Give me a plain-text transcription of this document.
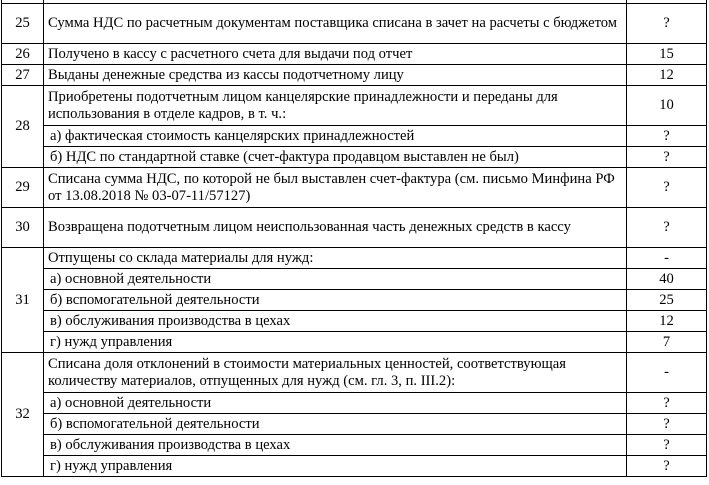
25	Сумма НДС по расчетным документам поставщика списана в зачет на расчеты с бюджетом	?
26	Получено в кассу с расчетного счета для выдачи под отчет	15
27	Выданы денежные средства из кассы подотчетному лицу	12
28	Приобретены подотчетным лицом канцелярские принадлежности и переданы для использования в отделе кадров, в т. ч.:	10
	а) фактическая стоимость канцелярских принадлежностей	?
	б) НДС по стандартной ставке (счет-фактура продавцом выставлен не был)	?
29	Списана сумма НДС, по которой не был выставлен счет-фактура (см. письмо Минфина РФ от 13.08.2018 № 03-07-11/57127)	?
30	Возвращена подотчетным лицом неиспользованная часть денежных средств в кассу	?
31	Отпущены со склада материалы для нужд:	-
	а) основной деятельности	40
	б) вспомогательной деятельности	25
	в) обслуживания производства в цехах	12
	г) нужд управления	7
32	Списана доля отклонений в стоимости материальных ценностей, соответствующая количеству материалов, отпущенных для нужд (см. гл. 3, п. III.2):	-
	а) основной деятельности	?
	б) вспомогательной деятельности	?
	в) обслуживания производства в цехах	?
	г) нужд управления	?
